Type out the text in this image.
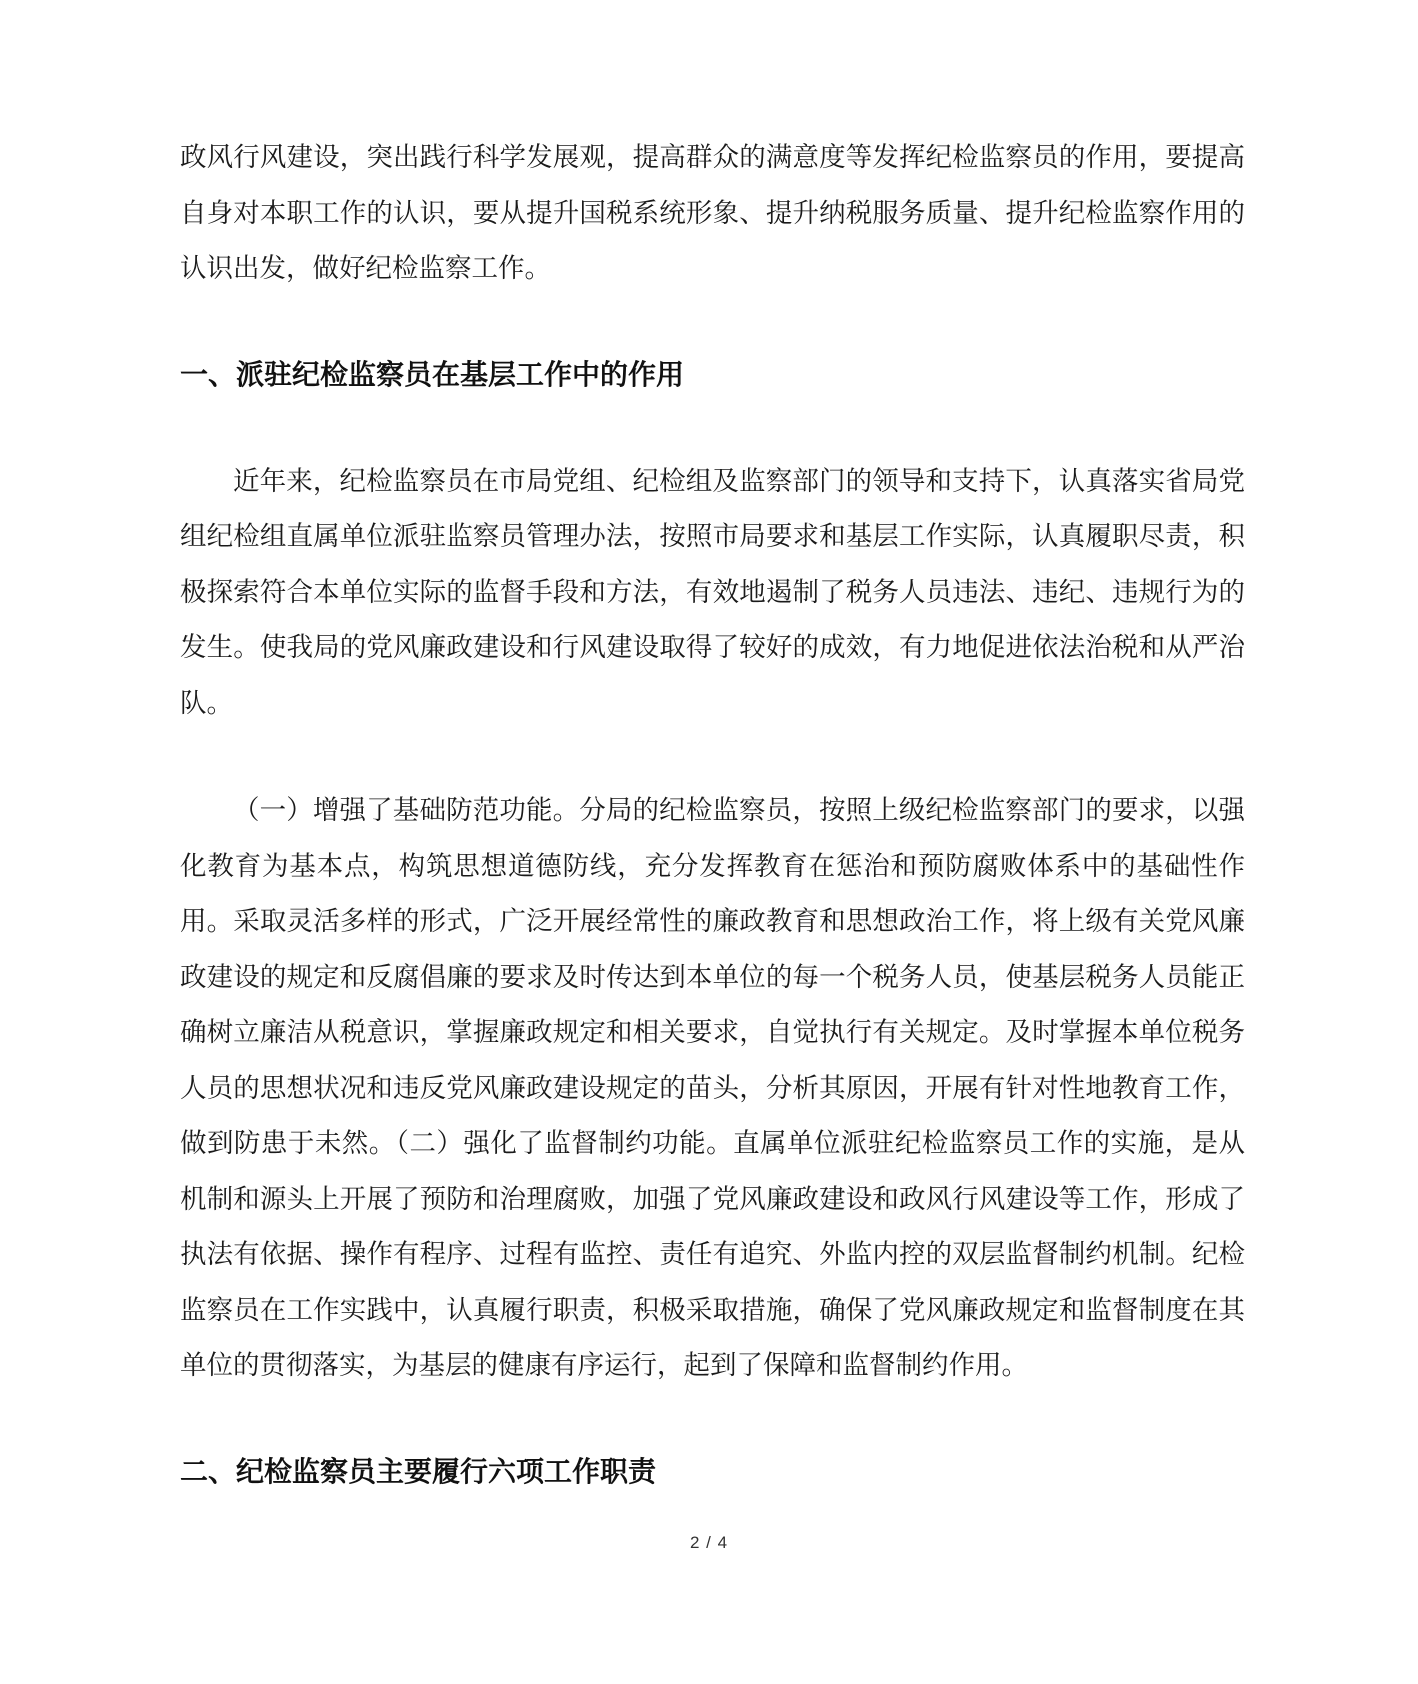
政风行风建设，突出践行科学发展观，提高群众的满意度等发挥纪检监察员的作用，要提高自身对本职工作的认识，要从提升国税系统形象、提升纳税服务质量、提升纪检监察作用的认识出发，做好纪检监察工作。

一、派驻纪检监察员在基层工作中的作用

近年来，纪检监察员在市局党组、纪检组及监察部门的领导和支持下，认真落实省局党组纪检组直属单位派驻监察员管理办法，按照市局要求和基层工作实际，认真履职尽责，积极探索符合本单位实际的监督手段和方法，有效地遏制了税务人员违法、违纪、违规行为的发生。使我局的党风廉政建设和行风建设取得了较好的成效，有力地促进依法治税和从严治队。

（一）增强了基础防范功能。分局的纪检监察员，按照上级纪检监察部门的要求，以强化教育为基本点，构筑思想道德防线，充分发挥教育在惩治和预防腐败体系中的基础性作用。采取灵活多样的形式，广泛开展经常性的廉政教育和思想政治工作，将上级有关党风廉政建设的规定和反腐倡廉的要求及时传达到本单位的每一个税务人员，使基层税务人员能正确树立廉洁从税意识，掌握廉政规定和相关要求，自觉执行有关规定。及时掌握本单位税务人员的思想状况和违反党风廉政建设规定的苗头，分析其原因，开展有针对性地教育工作，做到防患于未然。（二）强化了监督制约功能。直属单位派驻纪检监察员工作的实施，是从机制和源头上开展了预防和治理腐败，加强了党风廉政建设和政风行风建设等工作，形成了执法有依据、操作有程序、过程有监控、责任有追究、外监内控的双层监督制约机制。纪检监察员在工作实践中，认真履行职责，积极采取措施，确保了党风廉政规定和监督制度在其单位的贯彻落实，为基层的健康有序运行，起到了保障和监督制约作用。

二、纪检监察员主要履行六项工作职责

2 / 4
